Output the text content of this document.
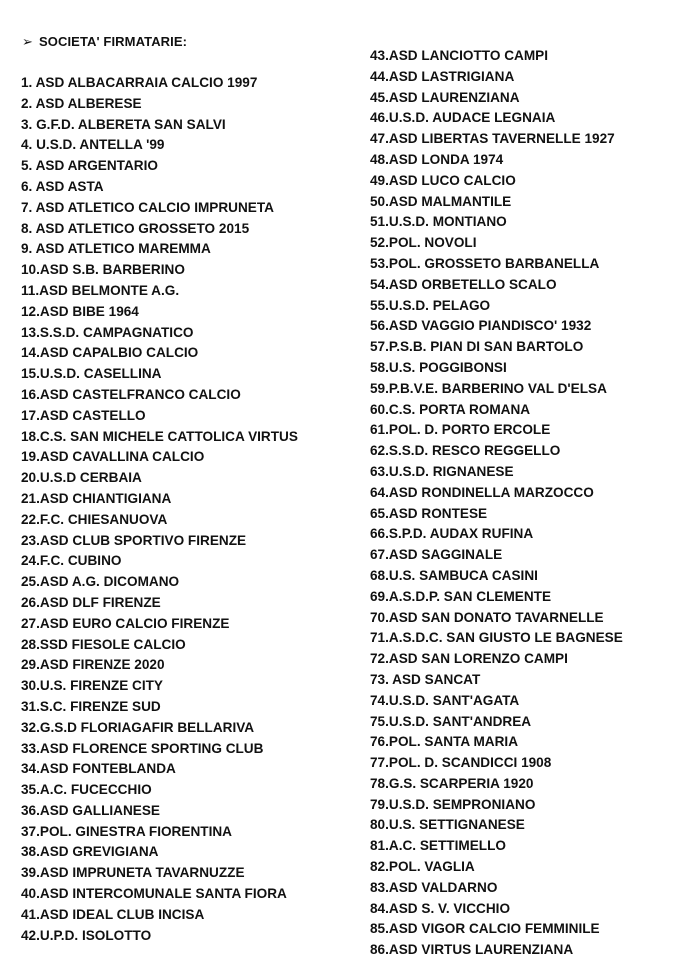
➢ SOCIETA' FIRMATARIE:
1. ASD ALBACARRAIA CALCIO 1997
2. ASD ALBERESE
3. G.F.D. ALBERETA SAN SALVI
4. U.S.D. ANTELLA '99
5. ASD ARGENTARIO
6. ASD ASTA
7. ASD ATLETICO CALCIO IMPRUNETA
8. ASD ATLETICO GROSSETO 2015
9. ASD ATLETICO MAREMMA
10.ASD S.B. BARBERINO
11.ASD BELMONTE A.G.
12.ASD BIBE 1964
13.S.S.D. CAMPAGNATICO
14.ASD CAPALBIO CALCIO
15.U.S.D. CASELLINA
16.ASD CASTELFRANCO CALCIO
17.ASD CASTELLO
18.C.S. SAN MICHELE CATTOLICA VIRTUS
19.ASD CAVALLINA CALCIO
20.U.S.D CERBAIA
21.ASD CHIANTIGIANA
22.F.C. CHIESANUOVA
23.ASD CLUB SPORTIVO FIRENZE
24.F.C. CUBINO
25.ASD A.G. DICOMANO
26.ASD DLF FIRENZE
27.ASD EURO CALCIO FIRENZE
28.SSD FIESOLE CALCIO
29.ASD FIRENZE 2020
30.U.S. FIRENZE CITY
31.S.C. FIRENZE SUD
32.G.S.D FLORIAGAFIR BELLARIVA
33.ASD FLORENCE SPORTING CLUB
34.ASD FONTEBLANDA
35.A.C. FUCECCHIO
36.ASD GALLIANESE
37.POL. GINESTRA FIORENTINA
38.ASD GREVIGIANA
39.ASD IMPRUNETA TAVARNUZZE
40.ASD INTERCOMUNALE SANTA FIORA
41.ASD IDEAL CLUB INCISA
42.U.P.D. ISOLOTTO
43.ASD LANCIOTTO CAMPI
44.ASD LASTRIGIANA
45.ASD LAURENZIANA
46.U.S.D. AUDACE LEGNAIA
47.ASD LIBERTAS TAVERNELLE 1927
48.ASD LONDA 1974
49.ASD LUCO CALCIO
50.ASD MALMANTILE
51.U.S.D. MONTIANO
52.POL. NOVOLI
53.POL. GROSSETO BARBANELLA
54.ASD ORBETELLO SCALO
55.U.S.D. PELAGO
56.ASD VAGGIO PIANDISCO' 1932
57.P.S.B. PIAN DI SAN BARTOLO
58.U.S. POGGIBONSI
59.P.B.V.E. BARBERINO VAL D'ELSA
60.C.S. PORTA ROMANA
61.POL. D. PORTO ERCOLE
62.S.S.D. RESCO REGGELLO
63.U.S.D. RIGNANESE
64.ASD RONDINELLA MARZOCCO
65.ASD RONTESE
66.S.P.D. AUDAX RUFINA
67.ASD SAGGINALE
68.U.S. SAMBUCA CASINI
69.A.S.D.P. SAN CLEMENTE
70.ASD SAN DONATO TAVARNELLE
71.A.S.D.C. SAN GIUSTO LE BAGNESE
72.ASD SAN LORENZO CAMPI
73. ASD SANCAT
74.U.S.D. SANT'AGATA
75.U.S.D. SANT'ANDREA
76.POL. SANTA MARIA
77.POL. D. SCANDICCI 1908
78.G.S. SCARPERIA 1920
79.U.S.D. SEMPRONIANO
80.U.S. SETTIGNANESE
81.A.C. SETTIMELLO
82.POL. VAGLIA
83.ASD VALDARNO
84.ASD S. V. VICCHIO
85.ASD VIGOR CALCIO FEMMINILE
86.ASD VIRTUS LAURENZIANA
